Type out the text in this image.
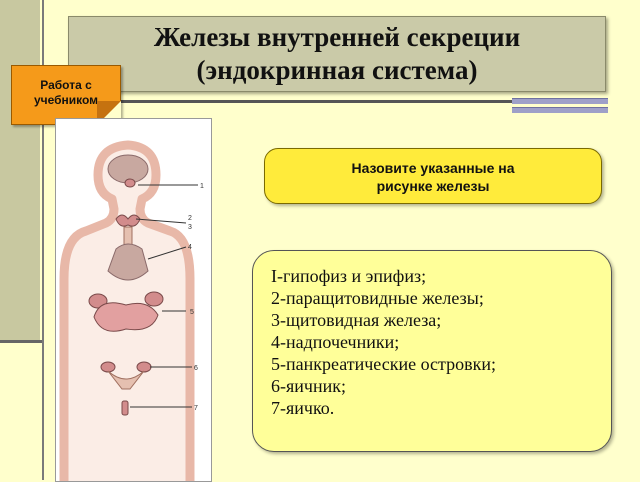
Железы внутренней секреции
(эндокринная система)
Работа с
учебником
1
2
3
4
5
6
7
Назовите указанные на
рисунке железы
I-гипофиз и эпифиз;
2-паращитовидные железы;
3-щитовидная железа;
4-надпочечники;
5-панкреатические островки;
6-яичник;
7-яичко.
